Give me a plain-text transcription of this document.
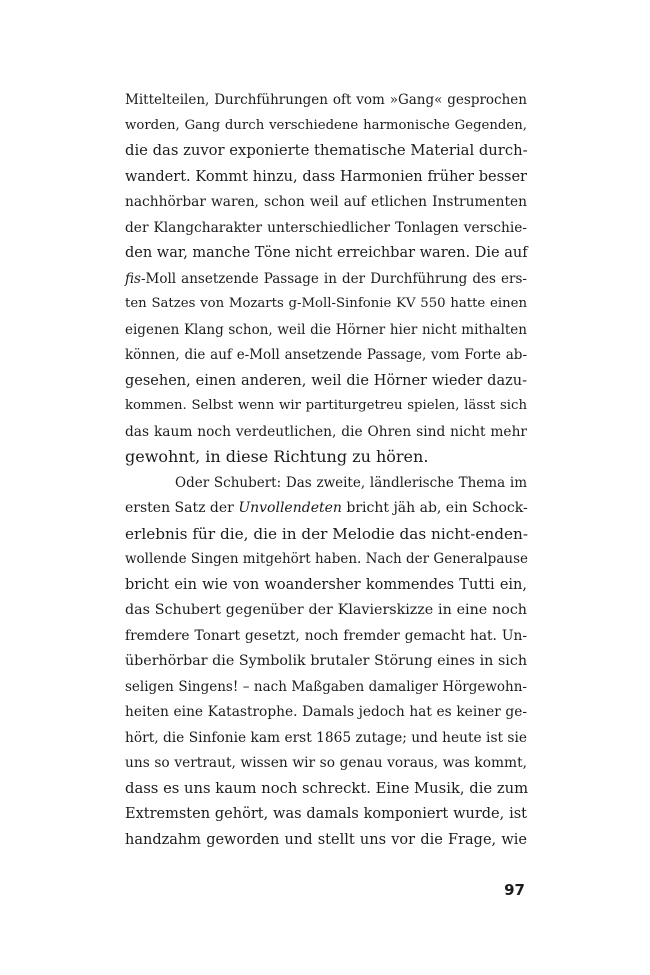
Mittelteilen, Durchführungen oft vom »Gang« gesprochen
worden, Gang durch verschiedene harmonische Gegenden,
die das zuvor exponierte thematische Material durch-
wandert. Kommt hinzu, dass Harmonien früher besser
nachhörbar waren, schon weil auf etlichen Instrumenten
der Klangcharakter unterschiedlicher Tonlagen verschie-
den war, manche Töne nicht erreichbar waren. Die auf
fis-Moll ansetzende Passage in der Durchführung des ers-
ten Satzes von Mozarts g-Moll-Sinfonie KV 550 hatte einen
eigenen Klang schon, weil die Hörner hier nicht mithalten
können, die auf e-Moll ansetzende Passage, vom Forte ab-
gesehen, einen anderen, weil die Hörner wieder dazu-
kommen. Selbst wenn wir partiturgetreu spielen, lässt sich
das kaum noch verdeutlichen, die Ohren sind nicht mehr
gewohnt, in diese Richtung zu hören.
Oder Schubert: Das zweite, ländlerische Thema im
ersten Satz der Unvollendeten bricht jäh ab, ein Schock-
erlebnis für die, die in der Melodie das nicht-enden-
wollende Singen mitgehört haben. Nach der Generalpause
bricht ein wie von woandersher kommendes Tutti ein,
das Schubert gegenüber der Klavierskizze in eine noch
fremdere Tonart gesetzt, noch fremder gemacht hat. Un-
überhörbar die Symbolik brutaler Störung eines in sich
seligen Singens! – nach Maßgaben damaliger Hörgewohn-
heiten eine Katastrophe. Damals jedoch hat es keiner ge-
hört, die Sinfonie kam erst 1865 zutage; und heute ist sie
uns so vertraut, wissen wir so genau voraus, was kommt,
dass es uns kaum noch schreckt. Eine Musik, die zum
Extremsten gehört, was damals komponiert wurde, ist
handzahm geworden und stellt uns vor die Frage, wie
97
